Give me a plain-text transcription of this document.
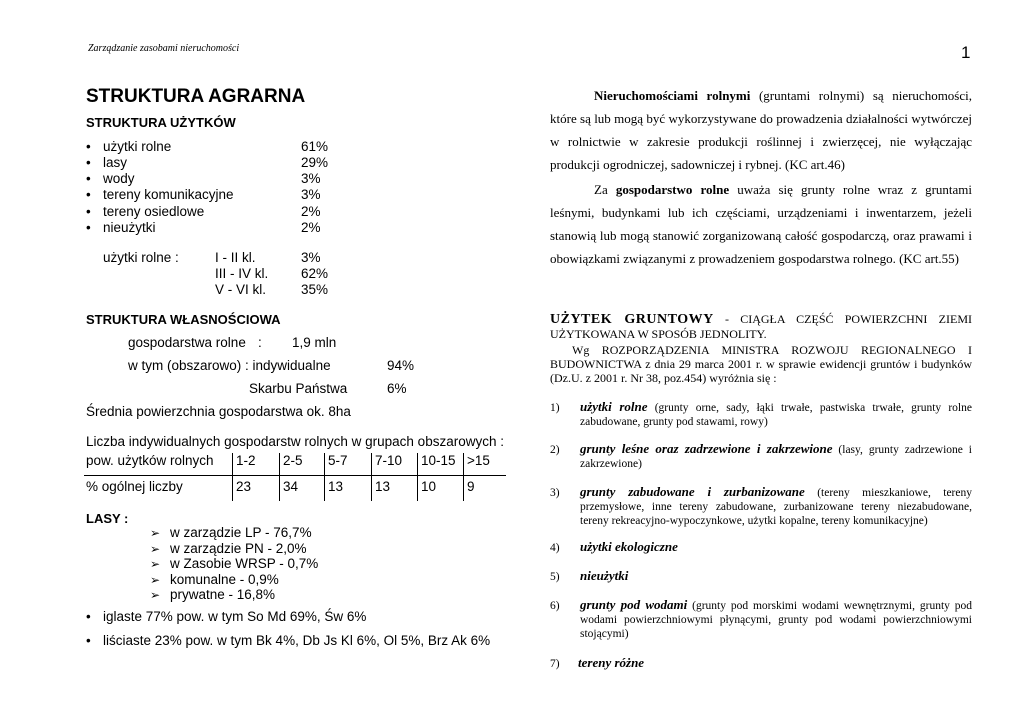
Zarządzanie zasobami nieruchomości	1
STRUKTURA AGRARNA
STRUKTURA UŻYTKÓW
• użytki rolne	61%
• lasy	29%
• wody	3%
• tereny komunikacyjne	3%
• tereny osiedlowe	2%
• nieużytki	2%
użytki rolne :	I - II kl.	3%
III - IV kl. 62%
V - VI kl.	35%
STRUKTURA WŁASNOŚCIOWA
gospodarstwa rolne : 1,9 mln
w tym (obszarowo) : indywidualne	94%
Skarbu Państwa	6%
Średnia powierzchnia gospodarstwa ok. 8ha
Liczba indywidualnych gospodarstw rolnych w grupach obszarowych :
pow. użytków rolnych	1-2	2-5	5-7	7-10	10-15	>15
% ogólnej liczby	23	34	13	13	10	9
LASY :
➢ w zarządzie LP - 76,7%
➢ w zarządzie PN - 2,0%
➢ w Zasobie WRSP - 0,7%
➢ komunalne - 0,9%
➢ prywatne - 16,8%
• iglaste 77% pow. w tym So Md 69%, Św 6%
• liściaste 23% pow. w tym Bk 4%, Db Js Kl 6%, Ol 5%, Brz Ak 6%

Nieruchomościami rolnymi (gruntami rolnymi) są nieruchomości, które są lub mogą być wykorzystywane do prowadzenia działalności wytwórczej w rolnictwie w zakresie produkcji roślinnej i zwierzęcej, nie wyłączając produkcji ogrodniczej, sadowniczej i rybnej. (KC art.46)

Za gospodarstwo rolne uważa się grunty rolne wraz z gruntami leśnymi, budynkami lub ich częściami, urządzeniami i inwentarzem, jeżeli stanowią lub mogą stanowić zorganizowaną całość gospodarczą, oraz prawami i obowiązkami związanymi z prowadzeniem gospodarstwa rolnego. (KC art.55)

UŻYTEK GRUNTOWY - CIĄGŁA CZĘŚĆ POWIERZCHNI ZIEMI UŻYTKOWANA W SPOSÓB JEDNOLITY.
Wg ROZPORZĄDZENIA MINISTRA ROZWOJU REGIONALNEGO I BUDOWNICTWA z dnia 29 marca 2001 r. w sprawie ewidencji gruntów i budynków (Dz.U. z 2001 r. Nr 38, poz.454) wyróżnia się :
1) użytki rolne (grunty orne, sady, łąki trwałe, pastwiska trwałe, grunty rolne zabudowane, grunty pod stawami, rowy)
2) grunty leśne oraz zadrzewione i zakrzewione (lasy, grunty zadrzewione i zakrzewione)
3) grunty zabudowane i zurbanizowane (tereny mieszkaniowe, tereny przemysłowe, inne tereny zabudowane, zurbanizowane tereny niezabudowane, tereny rekreacyjno-wypoczynkowe, użytki kopalne, tereny komunikacyjne)
4) użytki ekologiczne
5) nieużytki
6) grunty pod wodami (grunty pod morskimi wodami wewnętrznymi, grunty pod wodami powierzchniowymi płynącymi, grunty pod wodami powierzchniowymi stojącymi)
7) tereny różne
